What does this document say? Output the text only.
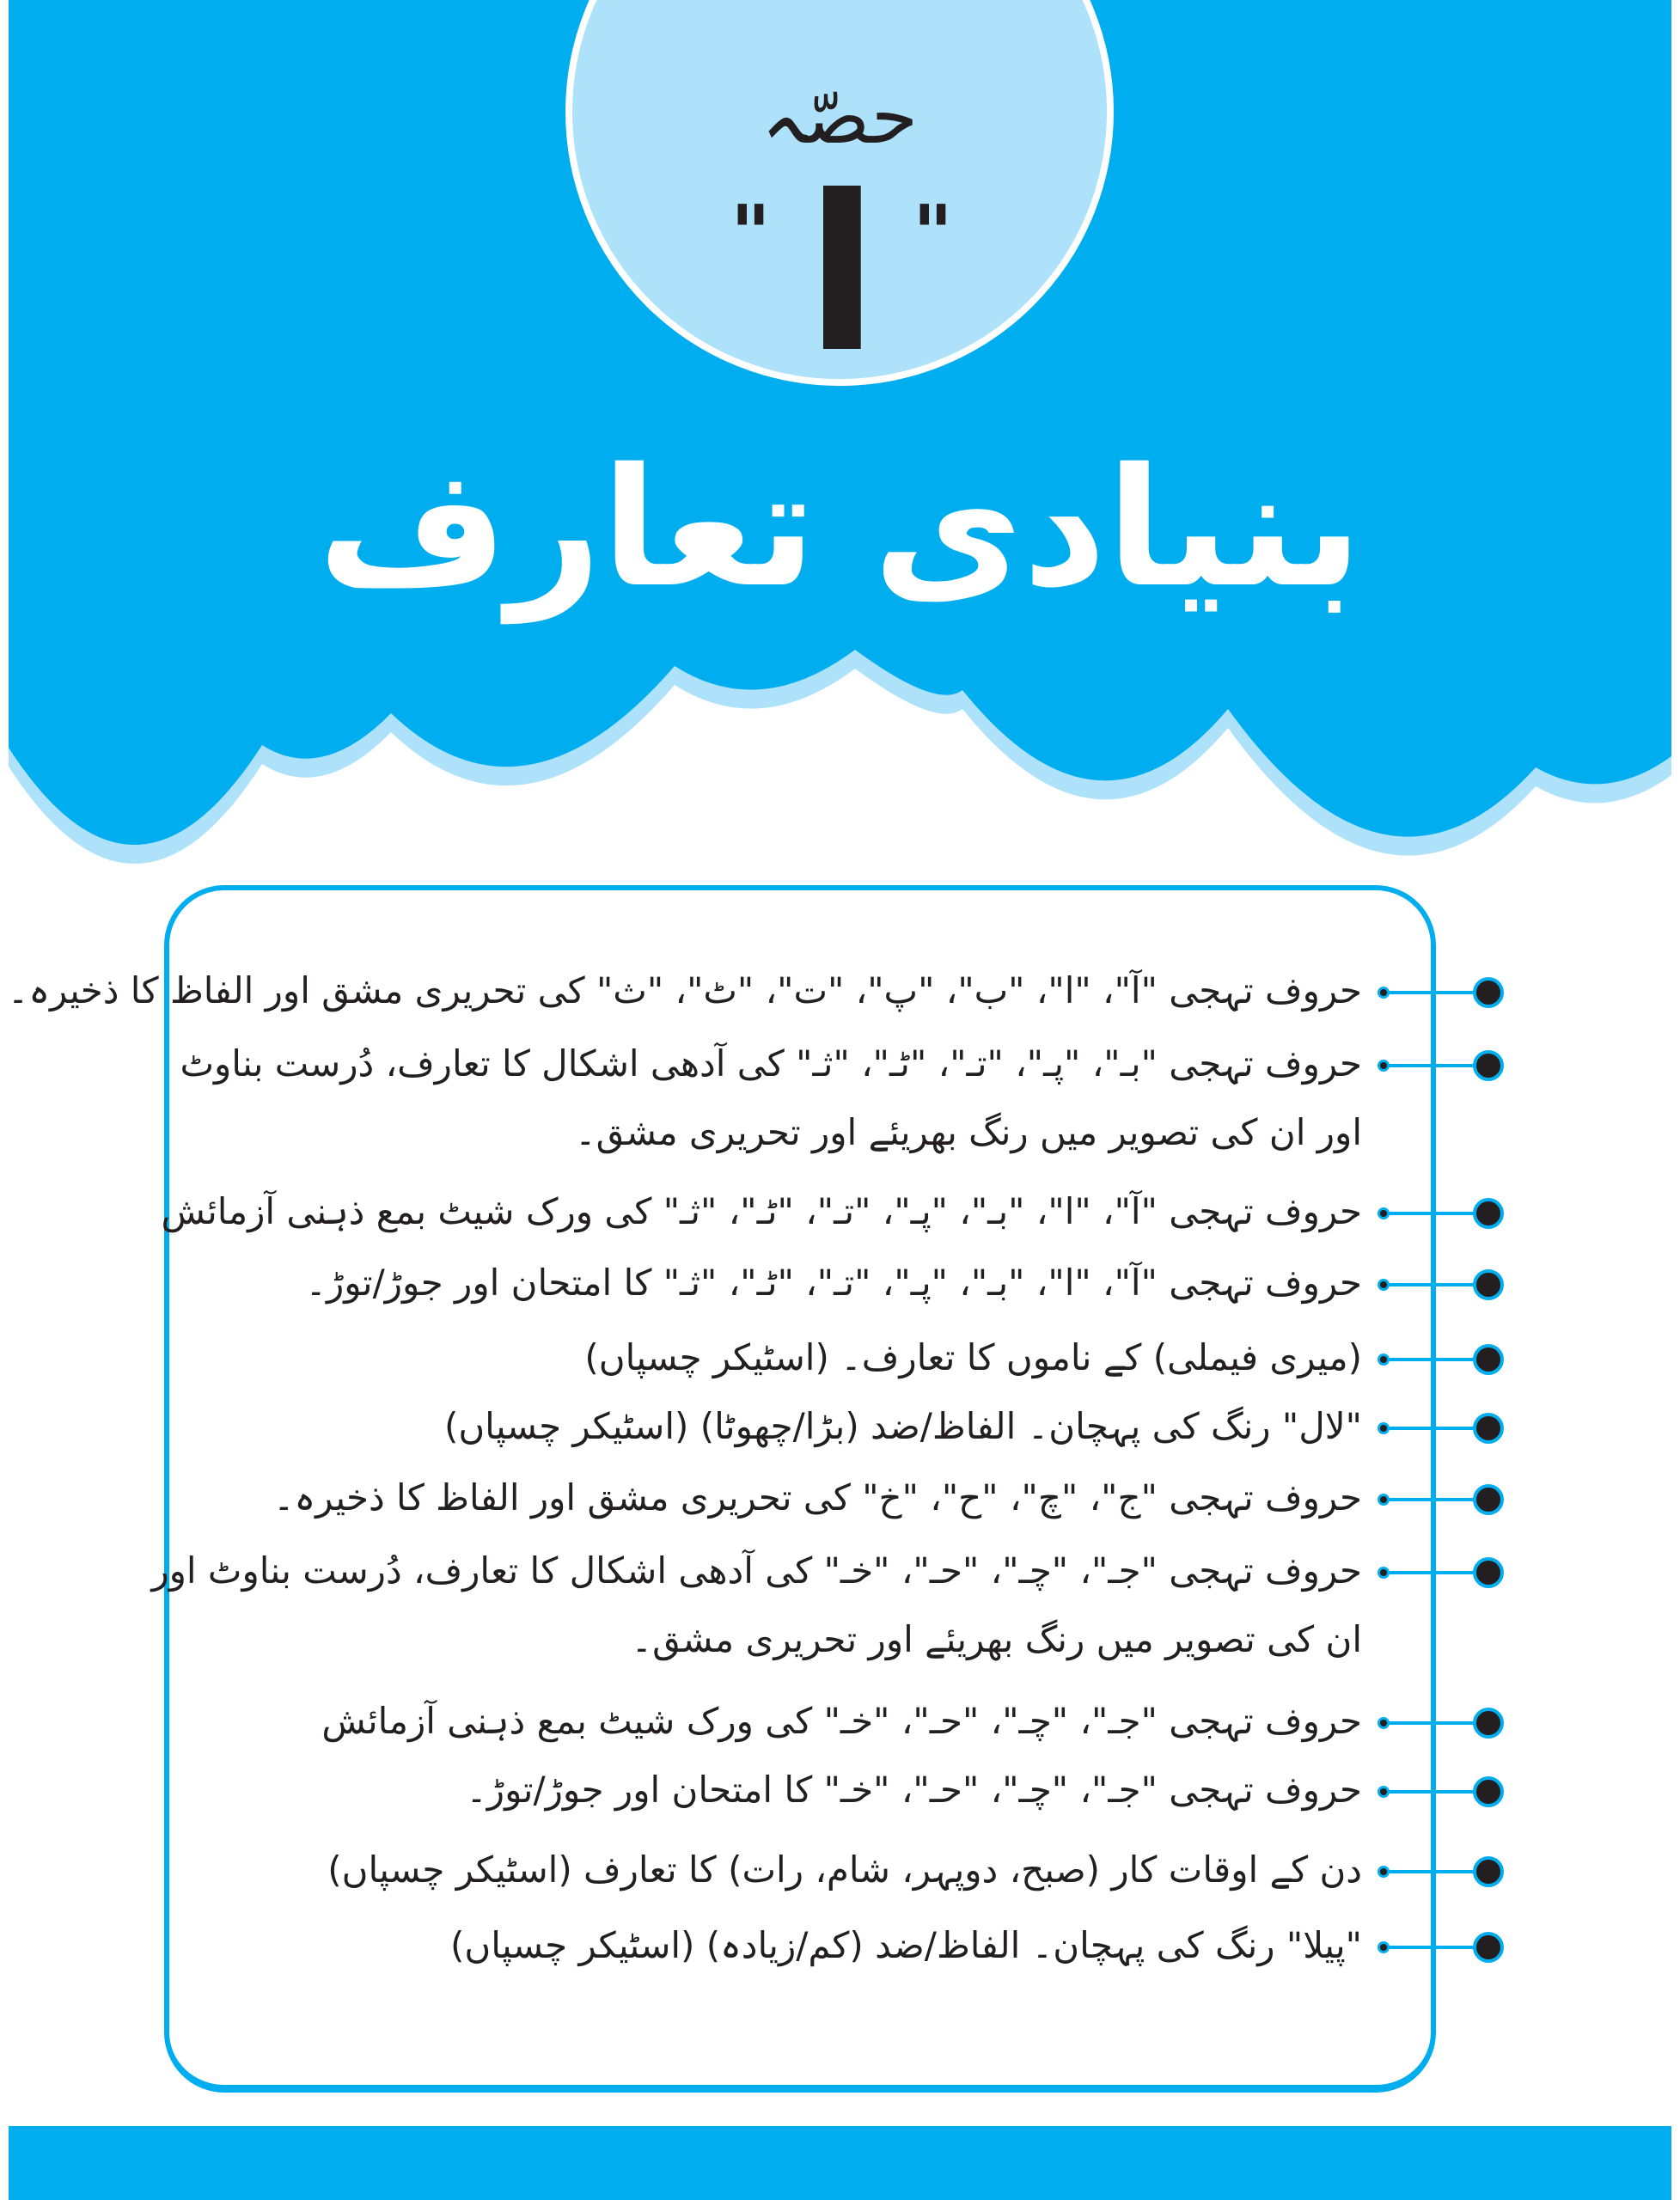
حصّہ
" ا "
بنیادی تعارف
حروف تہجی "آ"، "ا"، "ب"، "پ"، "ت"، "ٹ"، "ث" کی تحریری مشق اور الفاظ کا ذخیرہ۔
حروف تہجی "بـ"، "پـ"، "تـ"، "ٹـ"، "ثـ" کی آدھی اشکال کا تعارف، دُرست بناوٹ
اور ان کی تصویر میں رنگ بھریئے اور تحریری مشق۔
حروف تہجی "آ"، "ا"، "بـ"، "پـ"، "تـ"، "ٹـ"، "ثـ" کی ورک شیٹ بمع ذہنی آزمائش
حروف تہجی "آ"، "ا"، "بـ"، "پـ"، "تـ"، "ٹـ"، "ثـ" کا امتحان اور جوڑ/توڑ۔
(میری فیملی) کے ناموں کا تعارف۔ (اسٹیکر چسپاں)
"لال" رنگ کی پہچان۔ الفاظ/ضد (بڑا/چھوٹا) (اسٹیکر چسپاں)
حروف تہجی "ج"، "چ"، "ح"، "خ" کی تحریری مشق اور الفاظ کا ذخیرہ۔
حروف تہجی "جـ"، "چـ"، "حـ"، "خـ" کی آدھی اشکال کا تعارف، دُرست بناوٹ اور
ان کی تصویر میں رنگ بھریئے اور تحریری مشق۔
حروف تہجی "جـ"، "چـ"، "حـ"، "خـ" کی ورک شیٹ بمع ذہنی آزمائش
حروف تہجی "جـ"، "چـ"، "حـ"، "خـ" کا امتحان اور جوڑ/توڑ۔
دن کے اوقات کار (صبح، دوپہر، شام، رات) کا تعارف (اسٹیکر چسپاں)
"پیلا" رنگ کی پہچان۔ الفاظ/ضد (کم/زیادہ) (اسٹیکر چسپاں)
